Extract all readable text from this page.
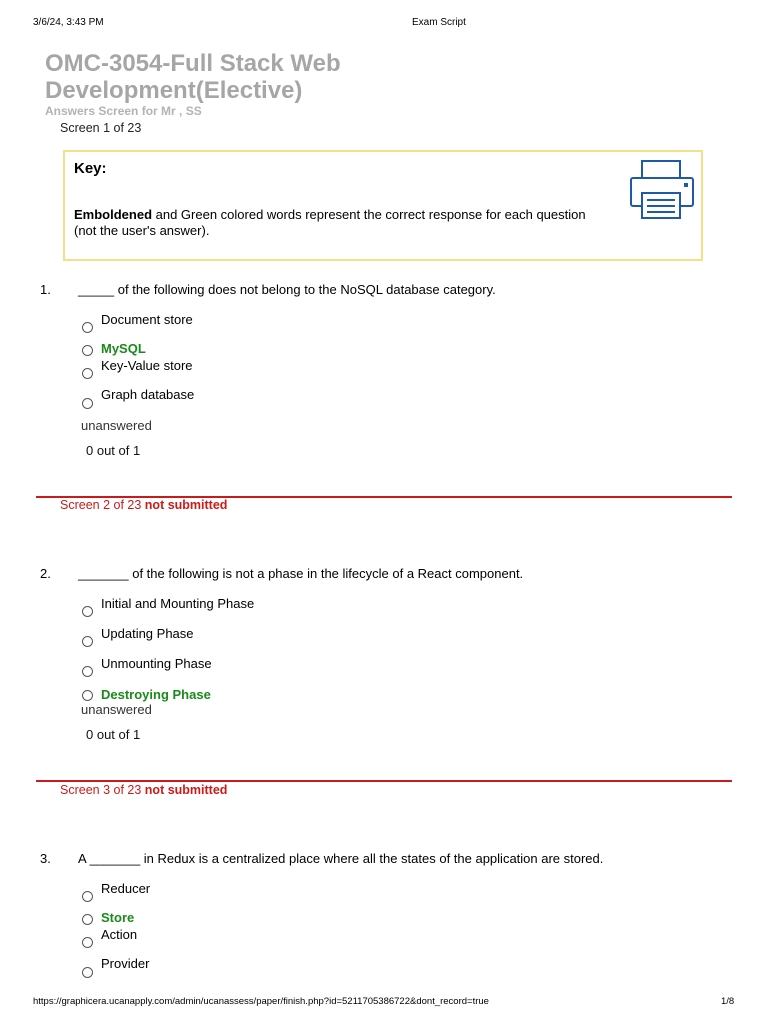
3/6/24, 3:43 PM	Exam Script
OMC-3054-Full Stack Web Development(Elective)
Answers Screen for Mr , SS
Screen 1 of 23
Key:
Emboldened and Green colored words represent the correct response for each question (not the user's answer).
1. _____ of the following does not belong to the NoSQL database category.
Document store
MySQL
Key-Value store
Graph database
unanswered
0 out of 1
Screen 2 of 23 not submitted
2. _______ of the following is not a phase in the lifecycle of a React component.
Initial and Mounting Phase
Updating Phase
Unmounting Phase
Destroying Phase
unanswered
0 out of 1
Screen 3 of 23 not submitted
3. A _______ in Redux is a centralized place where all the states of the application are stored.
Reducer
Store
Action
Provider
https://graphicera.ucanapply.com/admin/ucanassess/paper/finish.php?id=5211705386722&dont_record=true	1/8
